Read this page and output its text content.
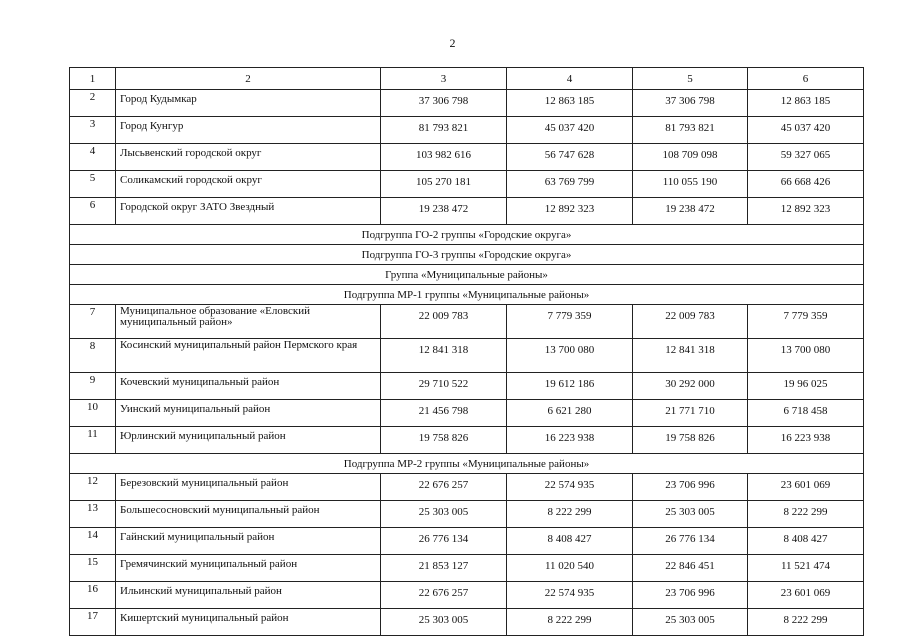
2
1	2	3	4	5	6
2	Город Кудымкар	37 306 798	12 863 185	37 306 798	12 863 185
3	Город Кунгур	81 793 821	45 037 420	81 793 821	45 037 420
4	Лысьвенский городской округ	103 982 616	56 747 628	108 709 098	59 327 065
5	Соликамский городской округ	105 270 181	63 769 799	110 055 190	66 668 426
6	Городской округ ЗАТО Звездный	19 238 472	12 892 323	19 238 472	12 892 323
Подгруппа ГО-2 группы «Городские округа»					
Подгруппа ГО-3 группы «Городские округа»					
Группа «Муниципальные районы»					
Подгруппа МР-1 группы «Муниципальные районы»					
7	Муниципальное образование «Еловский муниципальный район»	22 009 783	7 779 359	22 009 783	7 779 359
8	Косинский муниципальный район Пермского края	12 841 318	13 700 080	12 841 318	13 700 080
9	Кочевский муниципальный район	29 710 522	19 612 186	30 292 000	19 96 025
10	Уинский муниципальный район	21 456 798	6 621 280	21 771 710	6 718 458
11	Юрлинский муниципальный район	19 758 826	16 223 938	19 758 826	16 223 938
Подгруппа МР-2 группы «Муниципальные районы»					
12	Березовский муниципальный район	22 676 257	22 574 935	23 706 996	23 601 069
13	Большесосновский муниципальный район	25 303 005	8 222 299	25 303 005	8 222 299
14	Гайнский муниципальный район	26 776 134	8 408 427	26 776 134	8 408 427
15	Гремячинский муниципальный район	21 853 127	11 020 540	22 846 451	11 521 474
16	Ильинский муниципальный район	22 676 257	22 574 935	23 706 996	23 601 069
17	Кишертский муниципальный район	25 303 005	8 222 299	25 303 005	8 222 299
